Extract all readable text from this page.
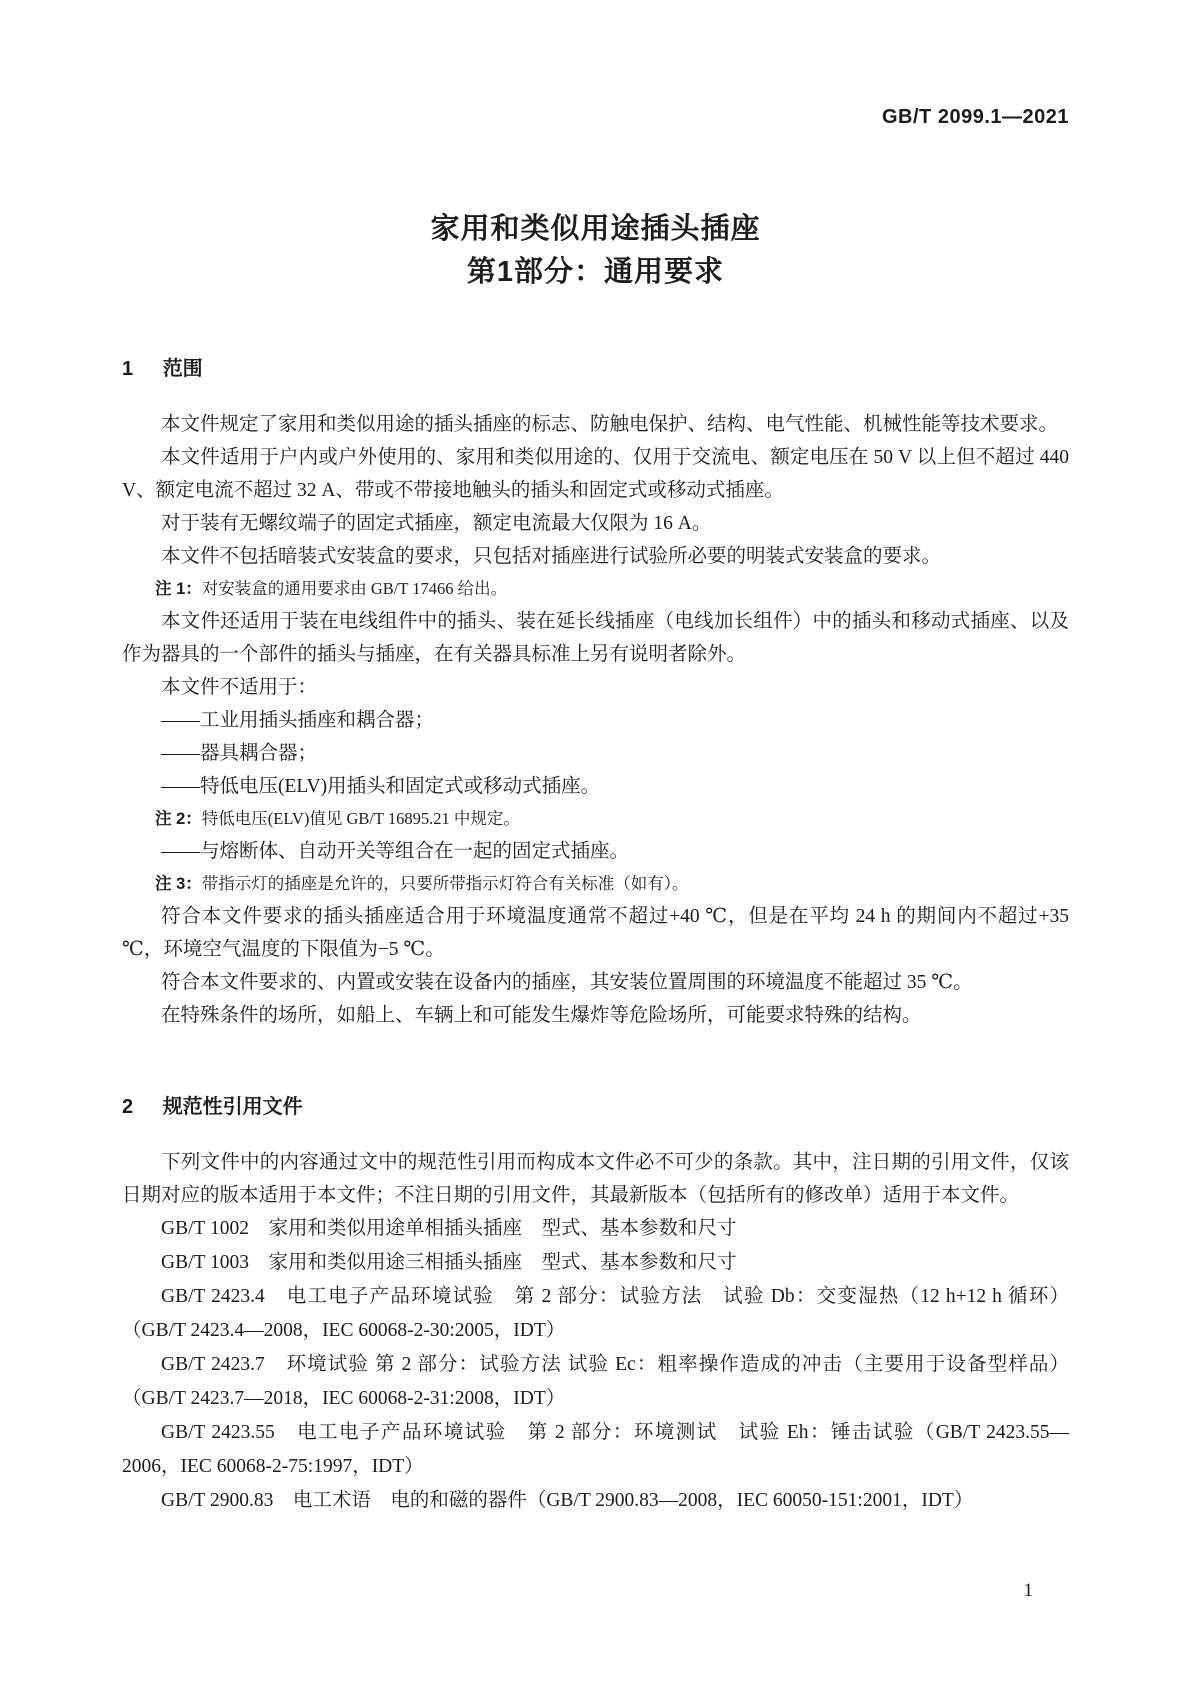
GB/T 2099.1—2021
家用和类似用途插头插座
第1部分：通用要求
1 范围

本文件规定了家用和类似用途的插头插座的标志、防触电保护、结构、电气性能、机械性能等技术要求。

本文件适用于户内或户外使用的、家用和类似用途的、仅用于交流电、额定电压在 50 V 以上但不超过 440 V、额定电流不超过 32 A、带或不带接地触头的插头和固定式或移动式插座。

对于装有无螺纹端子的固定式插座，额定电流最大仅限为 16 A。

本文件不包括暗装式安装盒的要求，只包括对插座进行试验所必要的明装式安装盒的要求。

注 1：对安装盒的通用要求由 GB/T 17466 给出。

本文件还适用于装在电线组件中的插头、装在延长线插座（电线加长组件）中的插头和移动式插座、以及作为器具的一个部件的插头与插座，在有关器具标准上另有说明者除外。

本文件不适用于：

——工业用插头插座和耦合器；

——器具耦合器；

——特低电压(ELV)用插头和固定式或移动式插座。

注 2：特低电压(ELV)值见 GB/T 16895.21 中规定。

——与熔断体、自动开关等组合在一起的固定式插座。

注 3：带指示灯的插座是允许的，只要所带指示灯符合有关标准（如有）。

符合本文件要求的插头插座适合用于环境温度通常不超过+40 ℃，但是在平均 24 h 的期间内不超过+35 ℃，环境空气温度的下限值为−5 ℃。

符合本文件要求的、内置或安装在设备内的插座，其安装位置周围的环境温度不能超过 35 ℃。

在特殊条件的场所，如船上、车辆上和可能发生爆炸等危险场所，可能要求特殊的结构。

2 规范性引用文件

下列文件中的内容通过文中的规范性引用而构成本文件必不可少的条款。其中，注日期的引用文件，仅该日期对应的版本适用于本文件；不注日期的引用文件，其最新版本（包括所有的修改单）适用于本文件。

GB/T 1002　家用和类似用途单相插头插座　型式、基本参数和尺寸

GB/T 1003　家用和类似用途三相插头插座　型式、基本参数和尺寸

GB/T 2423.4　电工电子产品环境试验　第 2 部分：试验方法　试验 Db：交变湿热（12 h+12 h 循环）（GB/T 2423.4—2008，IEC 60068-2-30:2005，IDT）

GB/T 2423.7　环境试验 第 2 部分：试验方法 试验 Ec：粗率操作造成的冲击（主要用于设备型样品）（GB/T 2423.7—2018，IEC 60068-2-31:2008，IDT）

GB/T 2423.55　电工电子产品环境试验　第 2 部分：环境测试　试验 Eh：锤击试验（GB/T 2423.55—2006，IEC 60068-2-75:1997，IDT）

GB/T 2900.83　电工术语　电的和磁的器件（GB/T 2900.83—2008，IEC 60050-151:2001，IDT）

1
